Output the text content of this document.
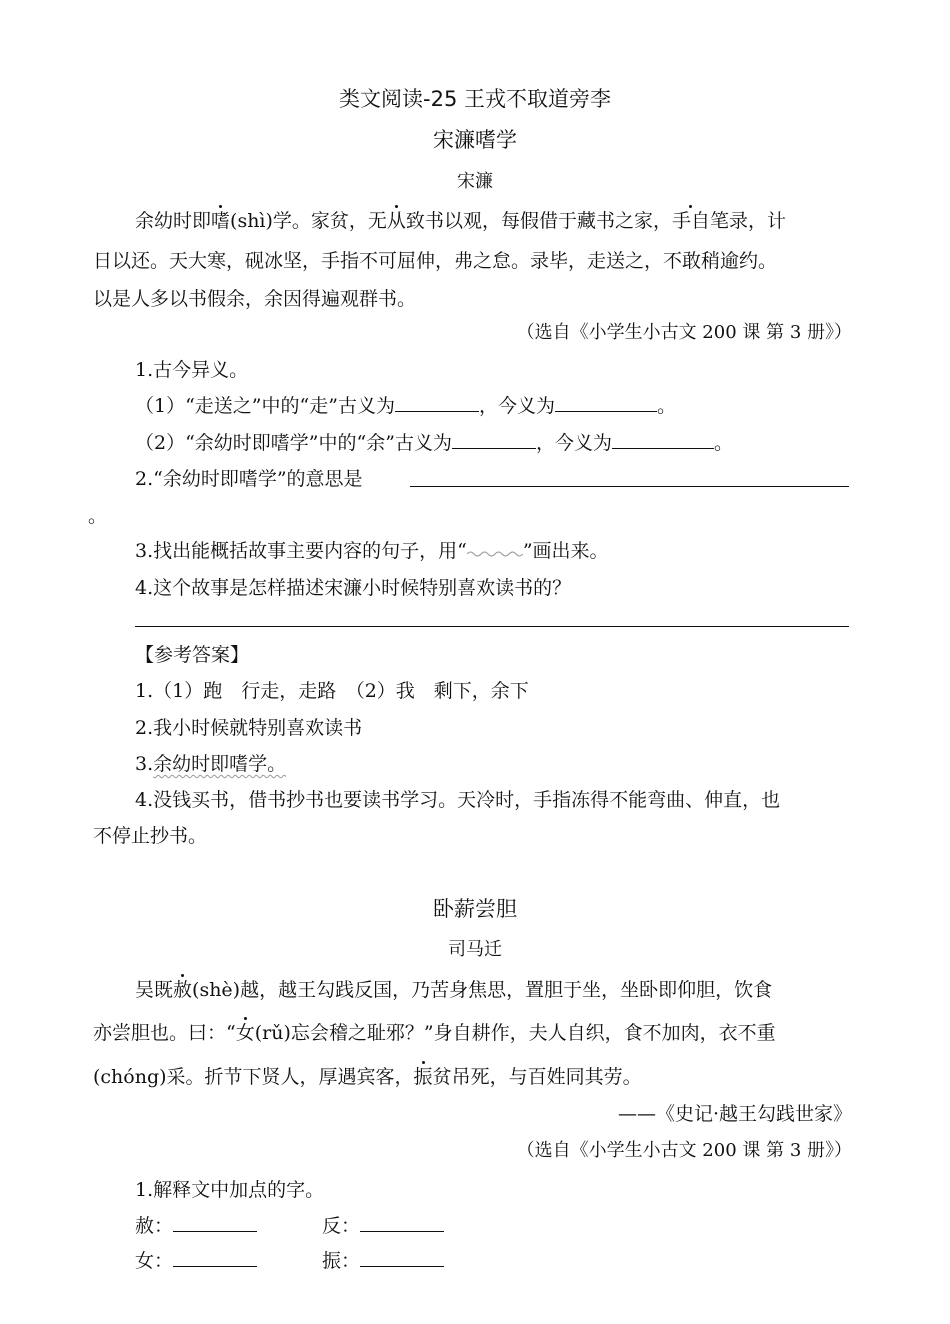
类文阅读-25 王戎不取道旁李
宋濂嗜学
宋濂
余幼时即嗜(shì)学。家贫，无从致书以观，每假借于藏书之家，手自笔录，计
日以还。天大寒，砚冰坚，手指不可屈伸，弗之怠。录毕，走送之，不敢稍逾约。
以是人多以书假余，余因得遍观群书。
（选自《小学生小古文 200 课 第 3 册》）
1.古今异义。
（1）“走送之”中的“走”古义为	，今义为	。
（2）“余幼时即嗜学”中的“余”古义为	，今义为	。
2.“余幼时即嗜学”的意思是
。
3.找出能概括故事主要内容的句子，用“	”画出来。
4.这个故事是怎样描述宋濂小时候特别喜欢读书的？
【参考答案】
1.（1）跑　行走，走路　（2）我　剩下，余下
2.我小时候就特别喜欢读书
3.余幼时即嗜学。
4.没钱买书，借书抄书也要读书学习。天冷时，手指冻得不能弯曲、伸直，也
不停止抄书。
卧薪尝胆
司马迁
吴既赦(shè)越，越王勾践反国，乃苦身焦思，置胆于坐，坐卧即仰胆，饮食
亦尝胆也。曰：“女(rǔ)忘会稽之耻邪？”身自耕作，夫人自织，食不加肉，衣不重
(chóng)采。折节下贤人，厚遇宾客，振贫吊死，与百姓同其劳。
——《史记·越王勾践世家》
（选自《小学生小古文 200 课 第 3 册》）
1.解释文中加点的字。
赦：	反：
女：	振：
